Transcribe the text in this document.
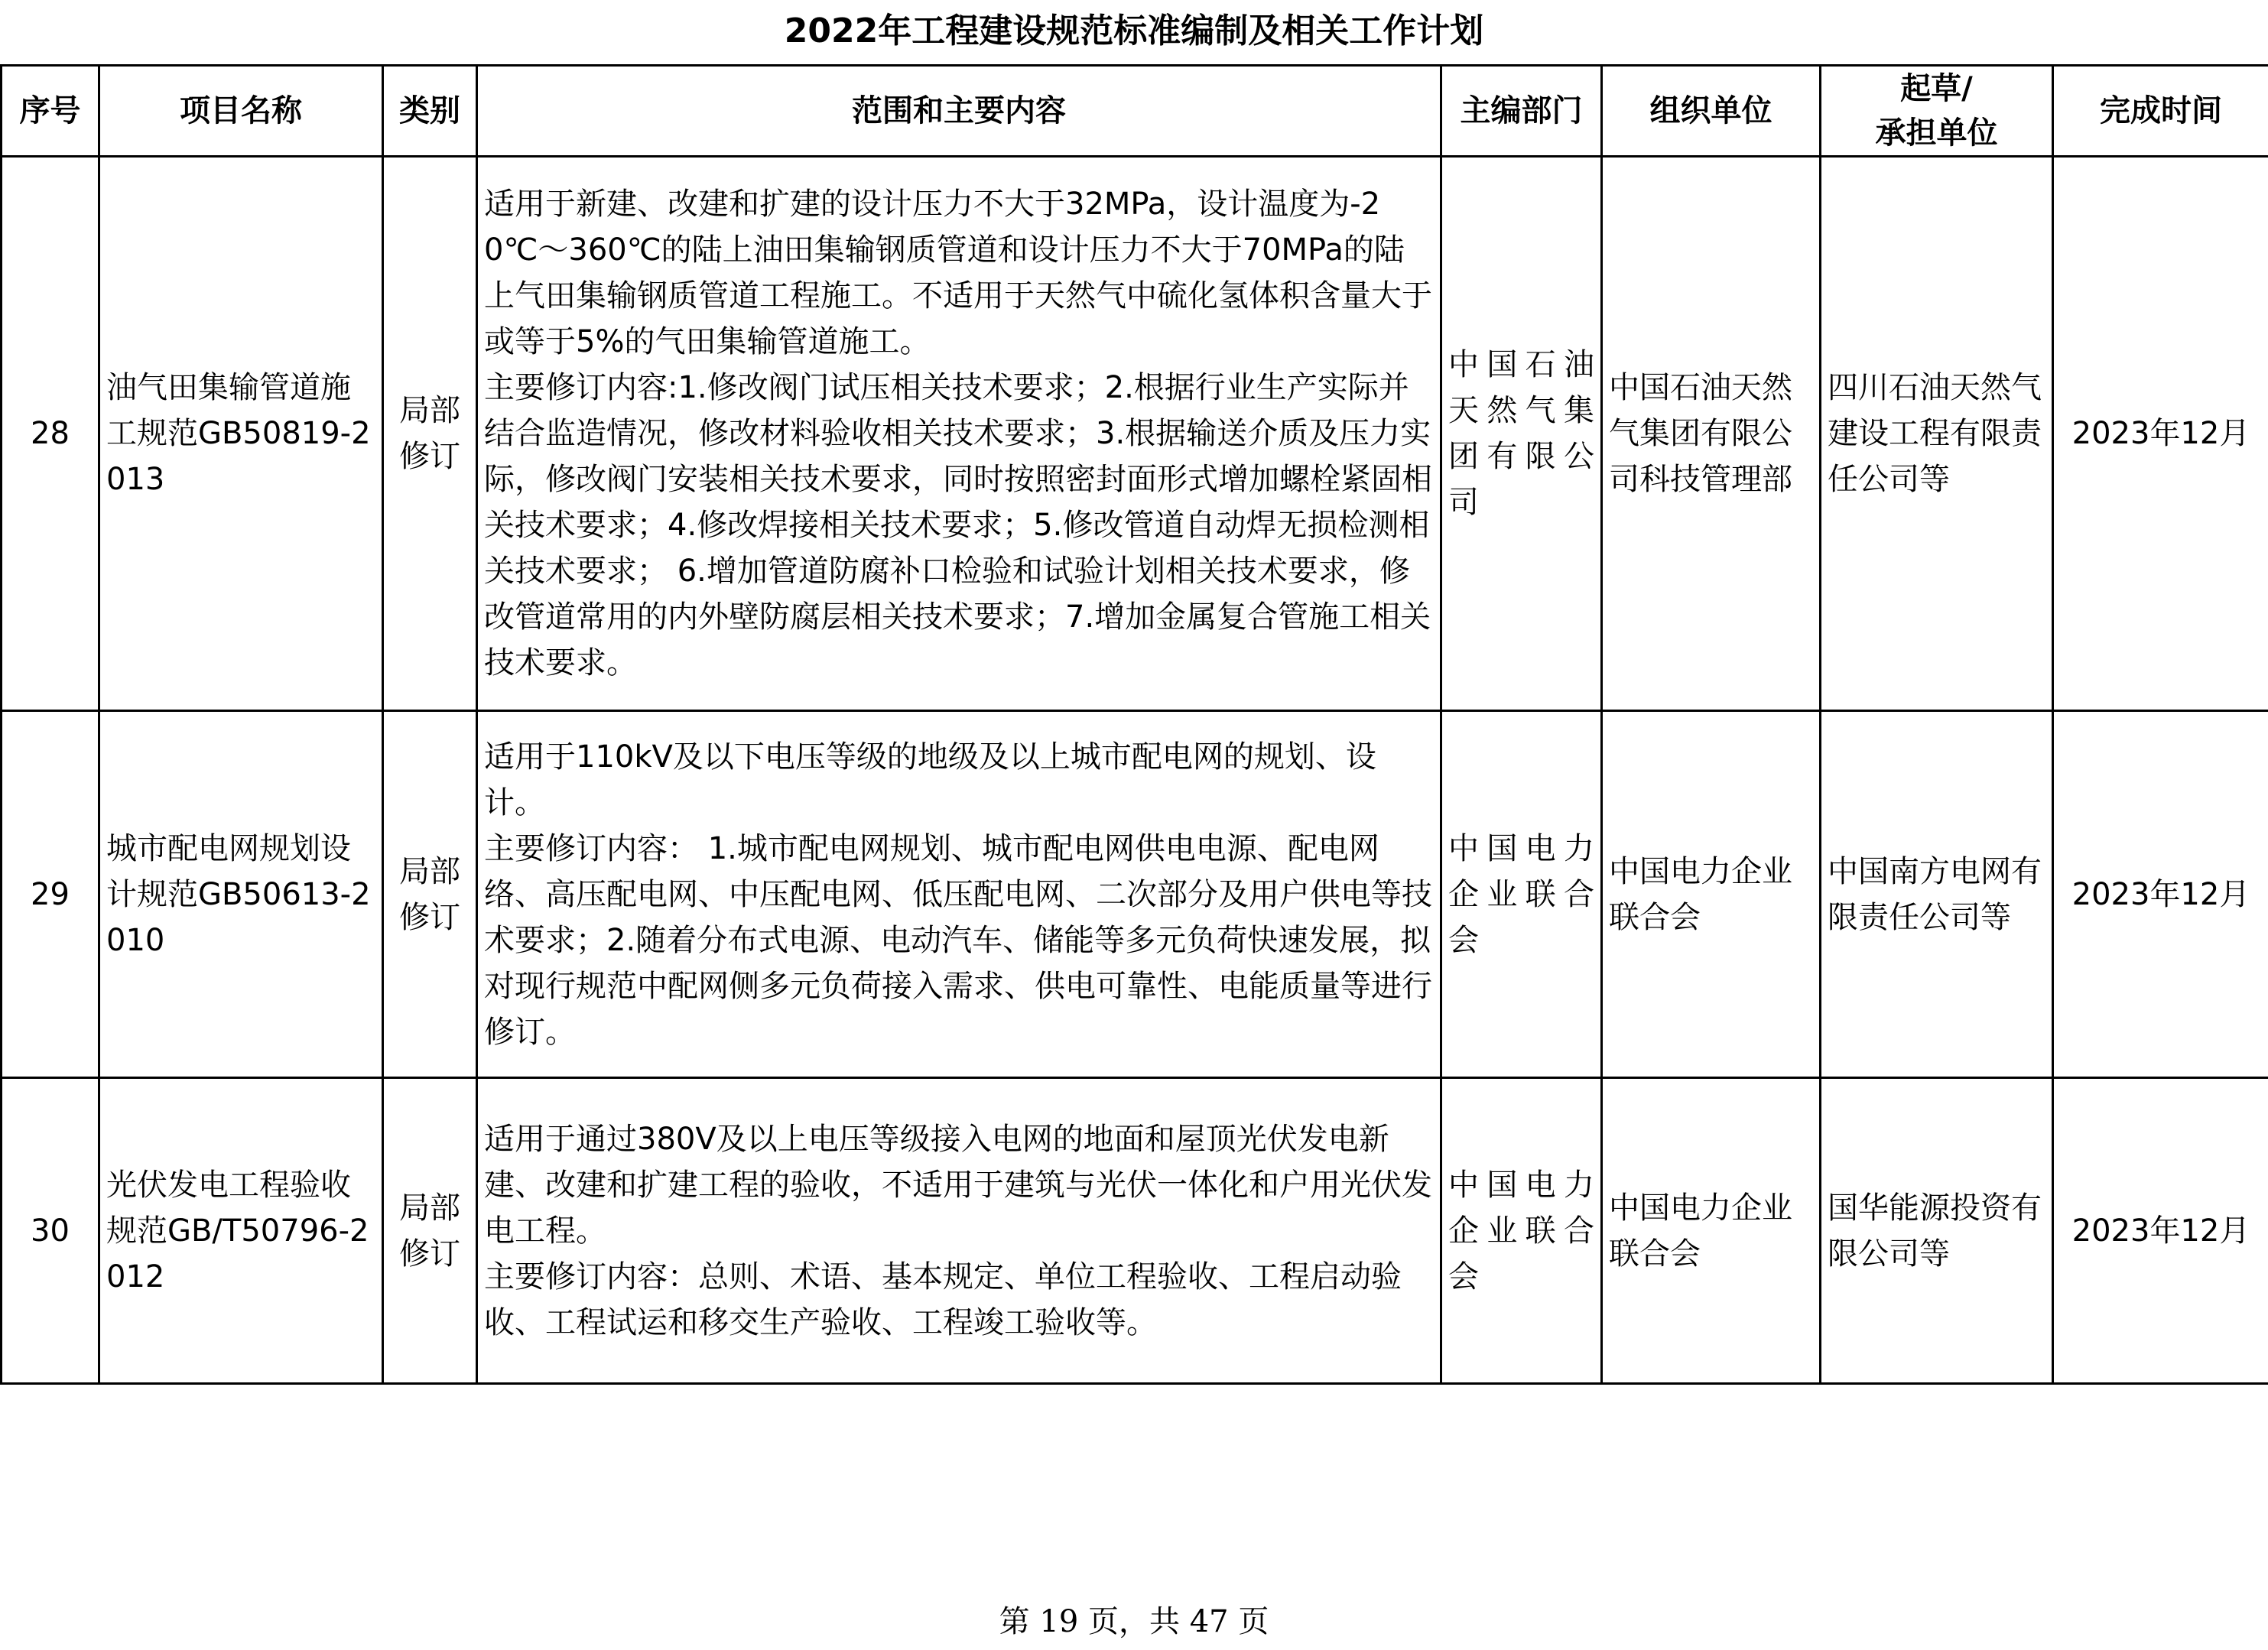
2022年工程建设规范标准编制及相关工作计划
序号	项目名称	类别	范围和主要内容	主编部门	组织单位	起草/
承担单位	完成时间
28	油气田集输管道施工规范GB50819-2013	局部修订	适用于新建、改建和扩建的设计压力不大于32MPa，设计温度为-20℃～360℃的陆上油田集输钢质管道和设计压力不大于70MPa的陆上气田集输钢质管道工程施工。不适用于天然气中硫化氢体积含量大于或等于5%的气田集输管道施工。
主要修订内容:1.修改阀门试压相关技术要求；2.根据行业生产实际并结合监造情况，修改材料验收相关技术要求；3.根据输送介质及压力实际，修改阀门安装相关技术要求，同时按照密封面形式增加螺栓紧固相关技术要求；4.修改焊接相关技术要求；5.修改管道自动焊无损检测相关技术要求； 6.增加管道防腐补口检验和试验计划相关技术要求，修改管道常用的内外壁防腐层相关技术要求；7.增加金属复合管施工相关技术要求。	中国石油天然气集团有限公司	中国石油天然气集团有限公司科技管理部	四川石油天然气建设工程有限责任公司等	2023年12月
29	城市配电网规划设计规范GB50613-2010	局部修订	适用于110kV及以下电压等级的地级及以上城市配电网的规划、设计。
主要修订内容： 1.城市配电网规划、城市配电网供电电源、配电网络、高压配电网、中压配电网、低压配电网、二次部分及用户供电等技术要求；2.随着分布式电源、电动汽车、储能等多元负荷快速发展，拟对现行规范中配网侧多元负荷接入需求、供电可靠性、电能质量等进行修订。	中国电力企业联合会	中国电力企业联合会	中国南方电网有限责任公司等	2023年12月
30	光伏发电工程验收规范GB/T50796-2012	局部修订	适用于通过380V及以上电压等级接入电网的地面和屋顶光伏发电新建、改建和扩建工程的验收，不适用于建筑与光伏一体化和户用光伏发电工程。
主要修订内容：总则、术语、基本规定、单位工程验收、工程启动验收、工程试运和移交生产验收、工程竣工验收等。	中国电力企业联合会	中国电力企业联合会	国华能源投资有限公司等	2023年12月
第 19 页，共 47 页
